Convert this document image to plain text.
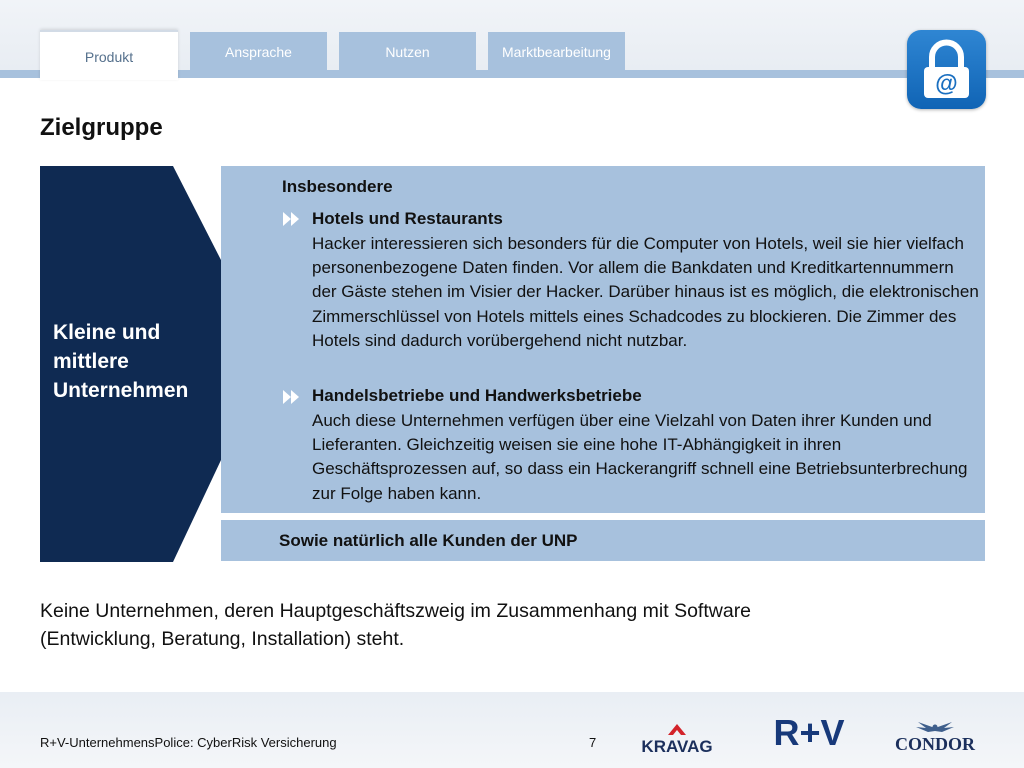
Produkt	Ansprache	Nutzen	Marktbearbeitung
@
Zielgruppe
Kleine und mittlere Unternehmen
Insbesondere
Hotels und Restaurants
Hacker interessieren sich besonders für die Computer von Hotels, weil sie hier vielfach personenbezogene Daten finden. Vor allem die Bankdaten und Kreditkartennummern der Gäste stehen im Visier der Hacker. Darüber hinaus ist es möglich, die elektronischen Zimmerschlüssel von Hotels mittels eines Schadcodes zu blockieren. Die Zimmer des Hotels sind dadurch vorübergehend nicht nutzbar.
Handelsbetriebe und Handwerksbetriebe
Auch diese Unternehmen verfügen über eine Vielzahl von Daten ihrer Kunden und Lieferanten. Gleichzeitig weisen sie eine hohe IT-Abhängigkeit in ihren Geschäftsprozessen auf, so dass ein Hackerangriff schnell eine Betriebsunterbrechung zur Folge haben kann.
Sowie natürlich alle Kunden der UNP
Keine Unternehmen, deren Hauptgeschäftszweig im Zusammenhang mit Software (Entwicklung, Beratung, Installation) steht.
R+V-UnternehmensPolice: CyberRisk Versicherung	7	KRAVAG R+V	CONDOR
